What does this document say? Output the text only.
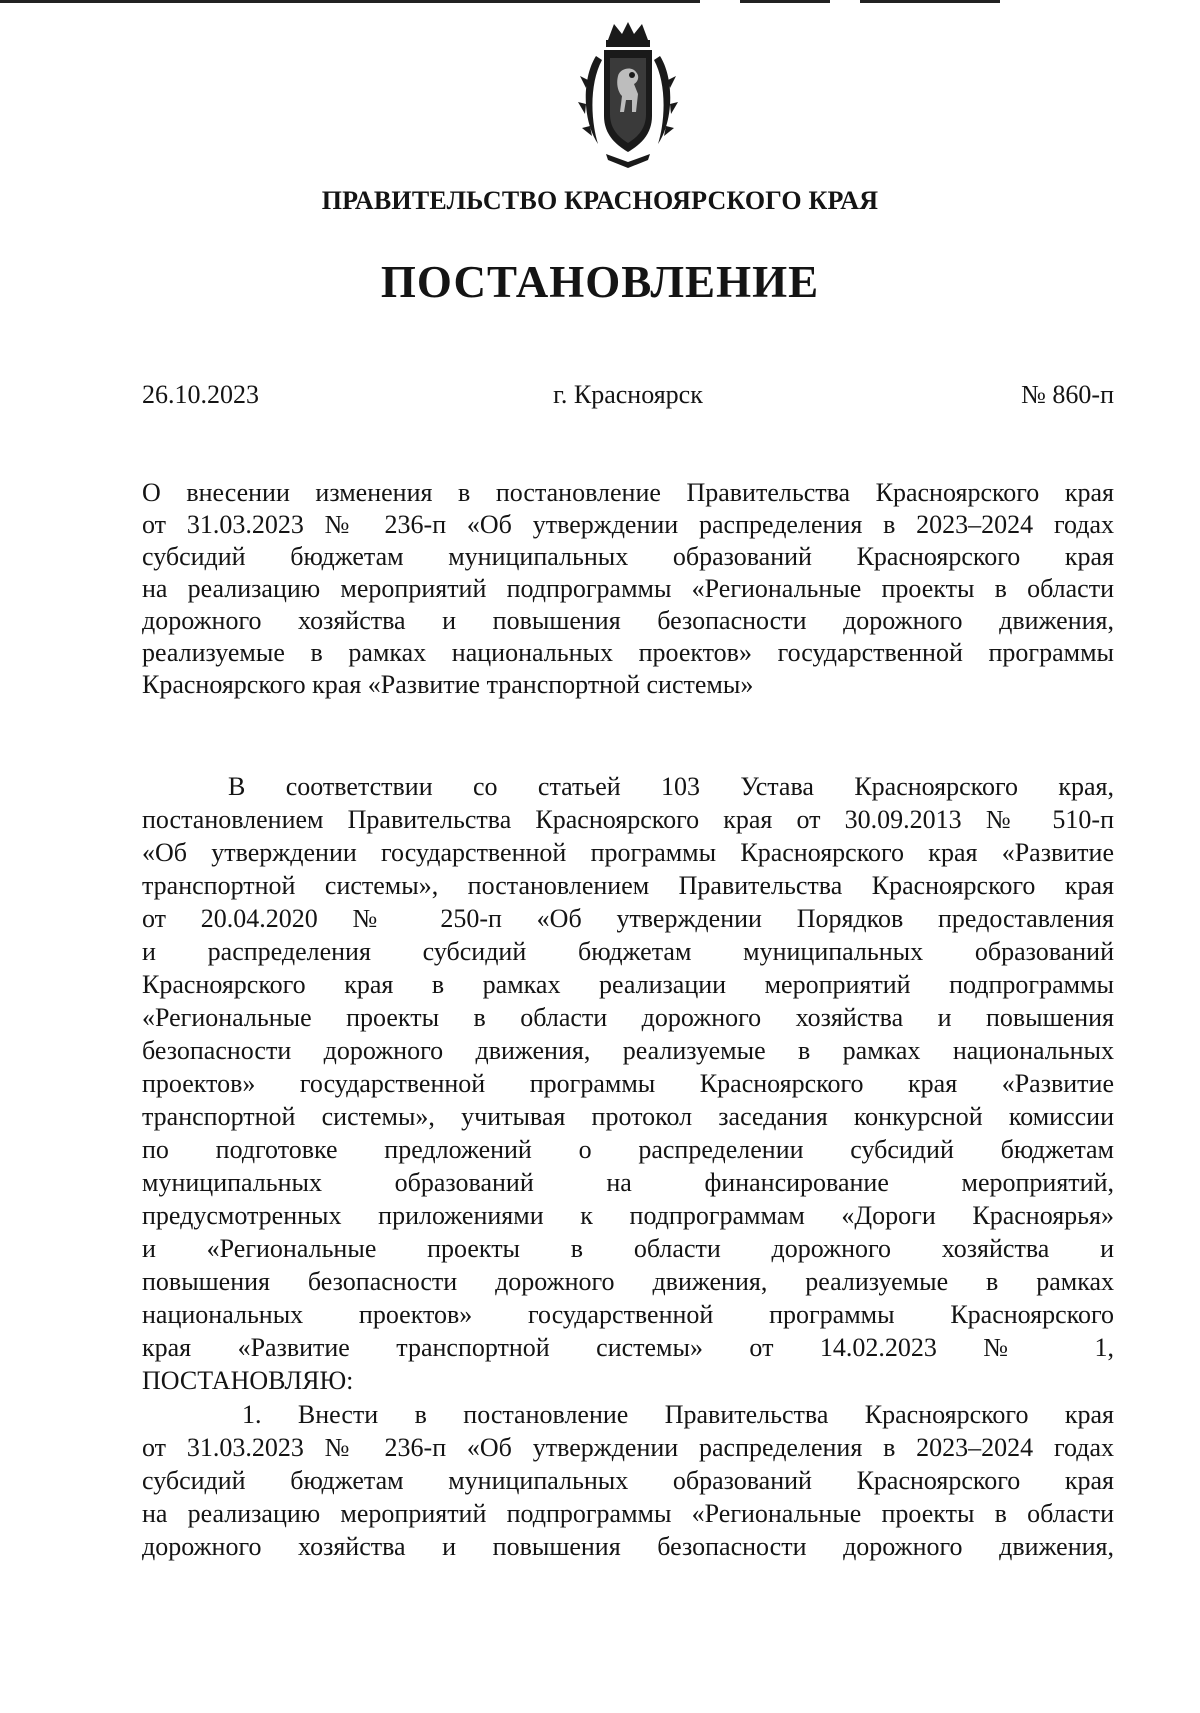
ПРАВИТЕЛЬСТВО КРАСНОЯРСКОГО КРАЯ
ПОСТАНОВЛЕНИЕ
26.10.2023	г. Красноярск	№ 860-п
О внесении изменения в постановление Правительства Красноярского края
от 31.03.2023 № 236-п «Об утверждении распределения в 2023–2024 годах
субсидий бюджетам муниципальных образований Красноярского края
на реализацию мероприятий подпрограммы «Региональные проекты в области
дорожного хозяйства и повышения безопасности дорожного движения,
реализуемые в рамках национальных проектов» государственной программы
Красноярского края «Развитие транспортной системы»
В соответствии со статьей 103 Устава Красноярского края,
постановлением Правительства Красноярского края от 30.09.2013 № 510-п
«Об утверждении государственной программы Красноярского края «Развитие
транспортной системы», постановлением Правительства Красноярского края
от 20.04.2020 № 250-п «Об утверждении Порядков предоставления
и распределения субсидий бюджетам муниципальных образований
Красноярского края в рамках реализации мероприятий подпрограммы
«Региональные проекты в области дорожного хозяйства и повышения
безопасности дорожного движения, реализуемые в рамках национальных
проектов» государственной программы Красноярского края «Развитие
транспортной системы», учитывая протокол заседания конкурсной комиссии
по подготовке предложений о распределении субсидий бюджетам
муниципальных образований на финансирование мероприятий,
предусмотренных приложениями к подпрограммам «Дороги Красноярья»
и «Региональные проекты в области дорожного хозяйства и
повышения безопасности дорожного движения, реализуемые в рамках
национальных проектов» государственной программы Красноярского
края «Развитие транспортной системы» от 14.02.2023 № 1,
ПОСТАНОВЛЯЮ:
1. Внести в постановление Правительства Красноярского края
от 31.03.2023 № 236-п «Об утверждении распределения в 2023–2024 годах
субсидий бюджетам муниципальных образований Красноярского края
на реализацию мероприятий подпрограммы «Региональные проекты в области
дорожного хозяйства и повышения безопасности дорожного движения,
